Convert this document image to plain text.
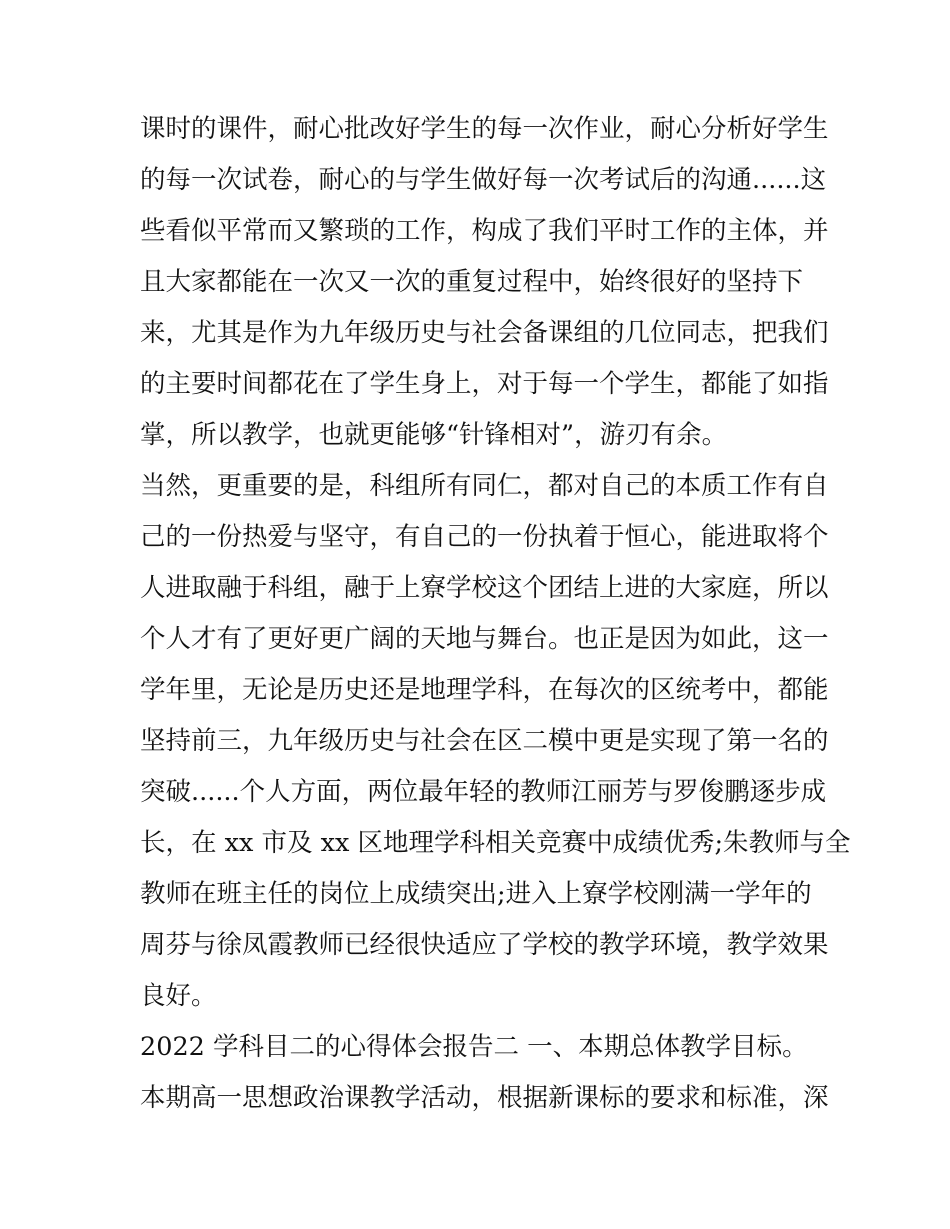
课时的课件，耐心批改好学生的每一次作业，耐心分析好学生
的每一次试卷，耐心的与学生做好每一次考试后的沟通......这
些看似平常而又繁琐的工作，构成了我们平时工作的主体，并
且大家都能在一次又一次的重复过程中，始终很好的坚持下
来，尤其是作为九年级历史与社会备课组的几位同志，把我们
的主要时间都花在了学生身上，对于每一个学生，都能了如指
掌，所以教学，也就更能够“针锋相对”，游刃有余。
当然，更重要的是，科组所有同仁，都对自己的本质工作有自
己的一份热爱与坚守，有自己的一份执着于恒心，能进取将个
人进取融于科组，融于上寮学校这个团结上进的大家庭，所以
个人才有了更好更广阔的天地与舞台。也正是因为如此，这一
学年里，无论是历史还是地理学科，在每次的区统考中，都能
坚持前三，九年级历史与社会在区二模中更是实现了第一名的
突破......个人方面，两位最年轻的教师江丽芳与罗俊鹏逐步成
长，在 xx 市及 xx 区地理学科相关竞赛中成绩优秀;朱教师与全
教师在班主任的岗位上成绩突出;进入上寮学校刚满一学年的
周芬与徐凤霞教师已经很快适应了学校的教学环境，教学效果
良好。
2022 学科目二的心得体会报告二 一、本期总体教学目标。
本期高一思想政治课教学活动，根据新课标的要求和标准，深
